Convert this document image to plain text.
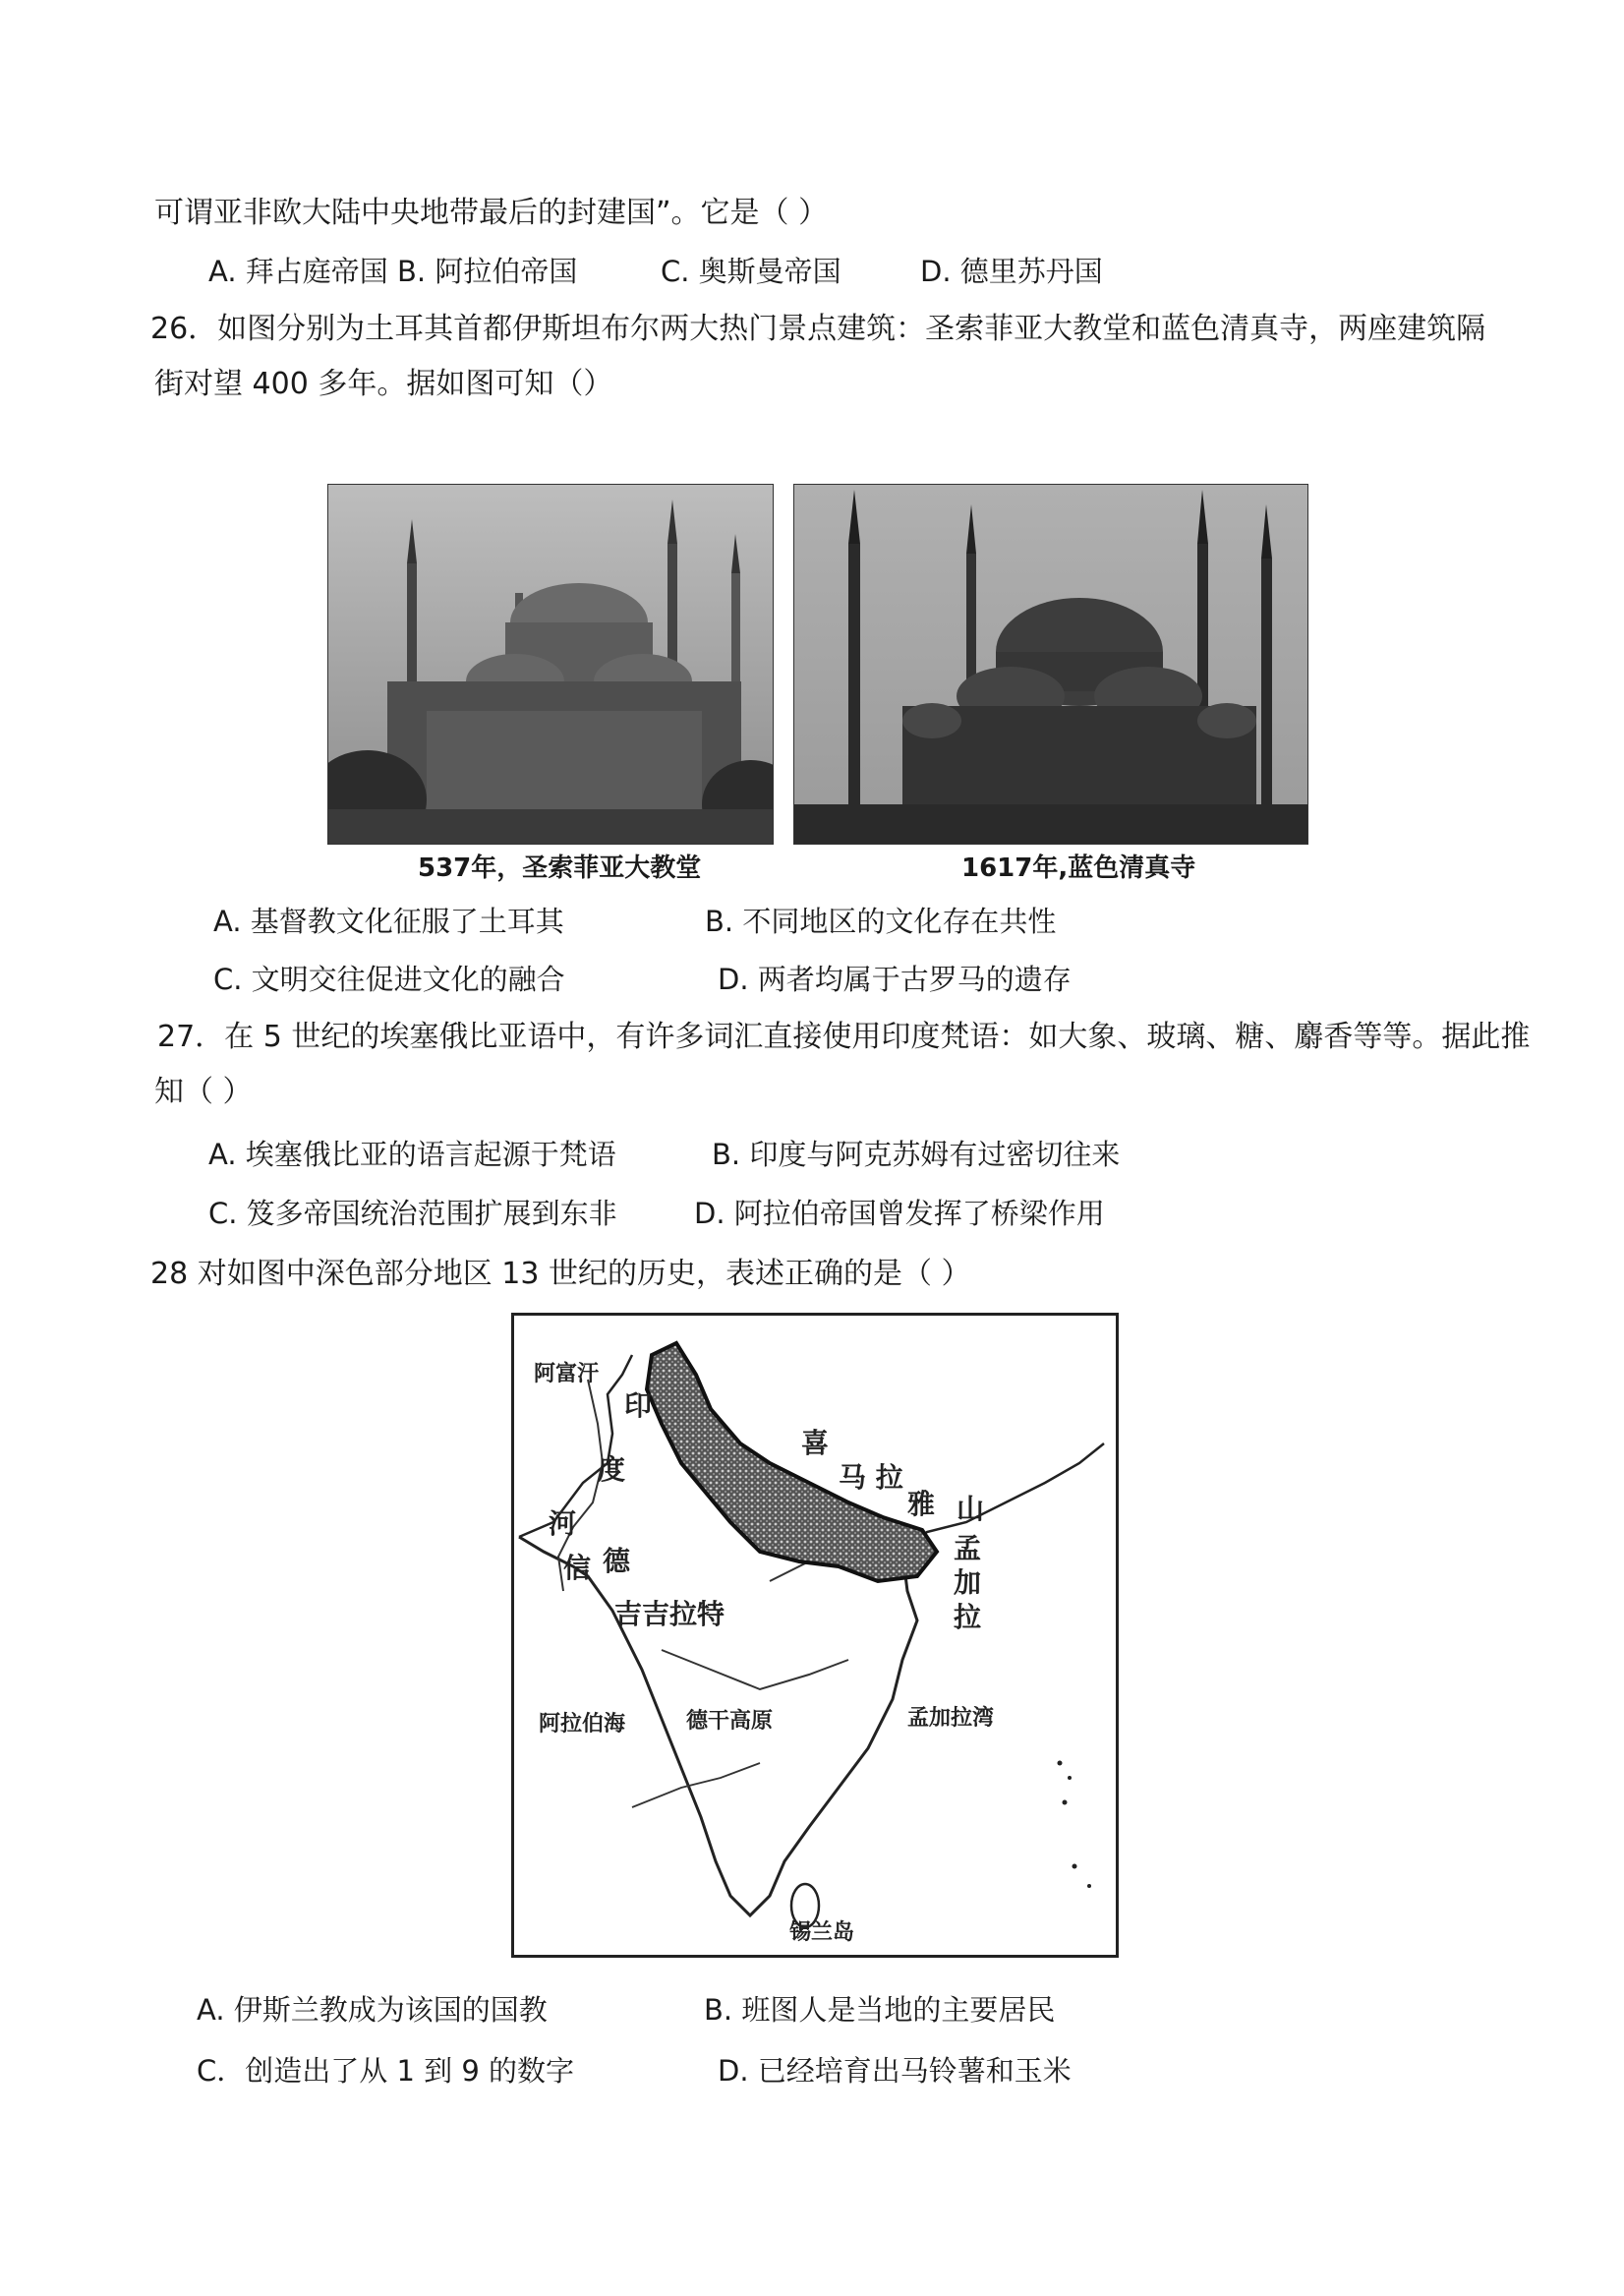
可谓亚非欧大陆中央地带最后的封建国”。它是（ ）
A. 拜占庭帝国 B. 阿拉伯帝国	C. 奥斯曼帝国	D. 德里苏丹国
26．如图分别为土耳其首都伊斯坦布尔两大热门景点建筑：圣索菲亚大教堂和蓝色清真寺，两座建筑隔
街对望 400 多年。据如图可知（）
537年，圣索菲亚大教堂	1617年,蓝色清真寺
A. 基督教文化征服了土耳其	B. 不同地区的文化存在共性
C. 文明交往促进文化的融合	D. 两者均属于古罗马的遗存
27．在 5 世纪的埃塞俄比亚语中，有许多词汇直接使用印度梵语：如大象、玻璃、糖、麝香等等。据此推
知（ ）
A. 埃塞俄比亚的语言起源于梵语	B. 印度与阿克苏姆有过密切往来
C. 笈多帝国统治范围扩展到东非	D. 阿拉伯帝国曾发挥了桥梁作用
28 对如图中深色部分地区 13 世纪的历史，表述正确的是（ ）
阿富汗
印
度
河
信 德
喜
马 拉
雅 山
孟
加
拉
吉吉拉特
阿拉伯海	德干高原	孟加拉湾
锡兰岛
A. 伊斯兰教成为该国的国教	B. 班图人是当地的主要居民
C．创造出了从 1 到 9 的数字	D. 已经培育出马铃薯和玉米
